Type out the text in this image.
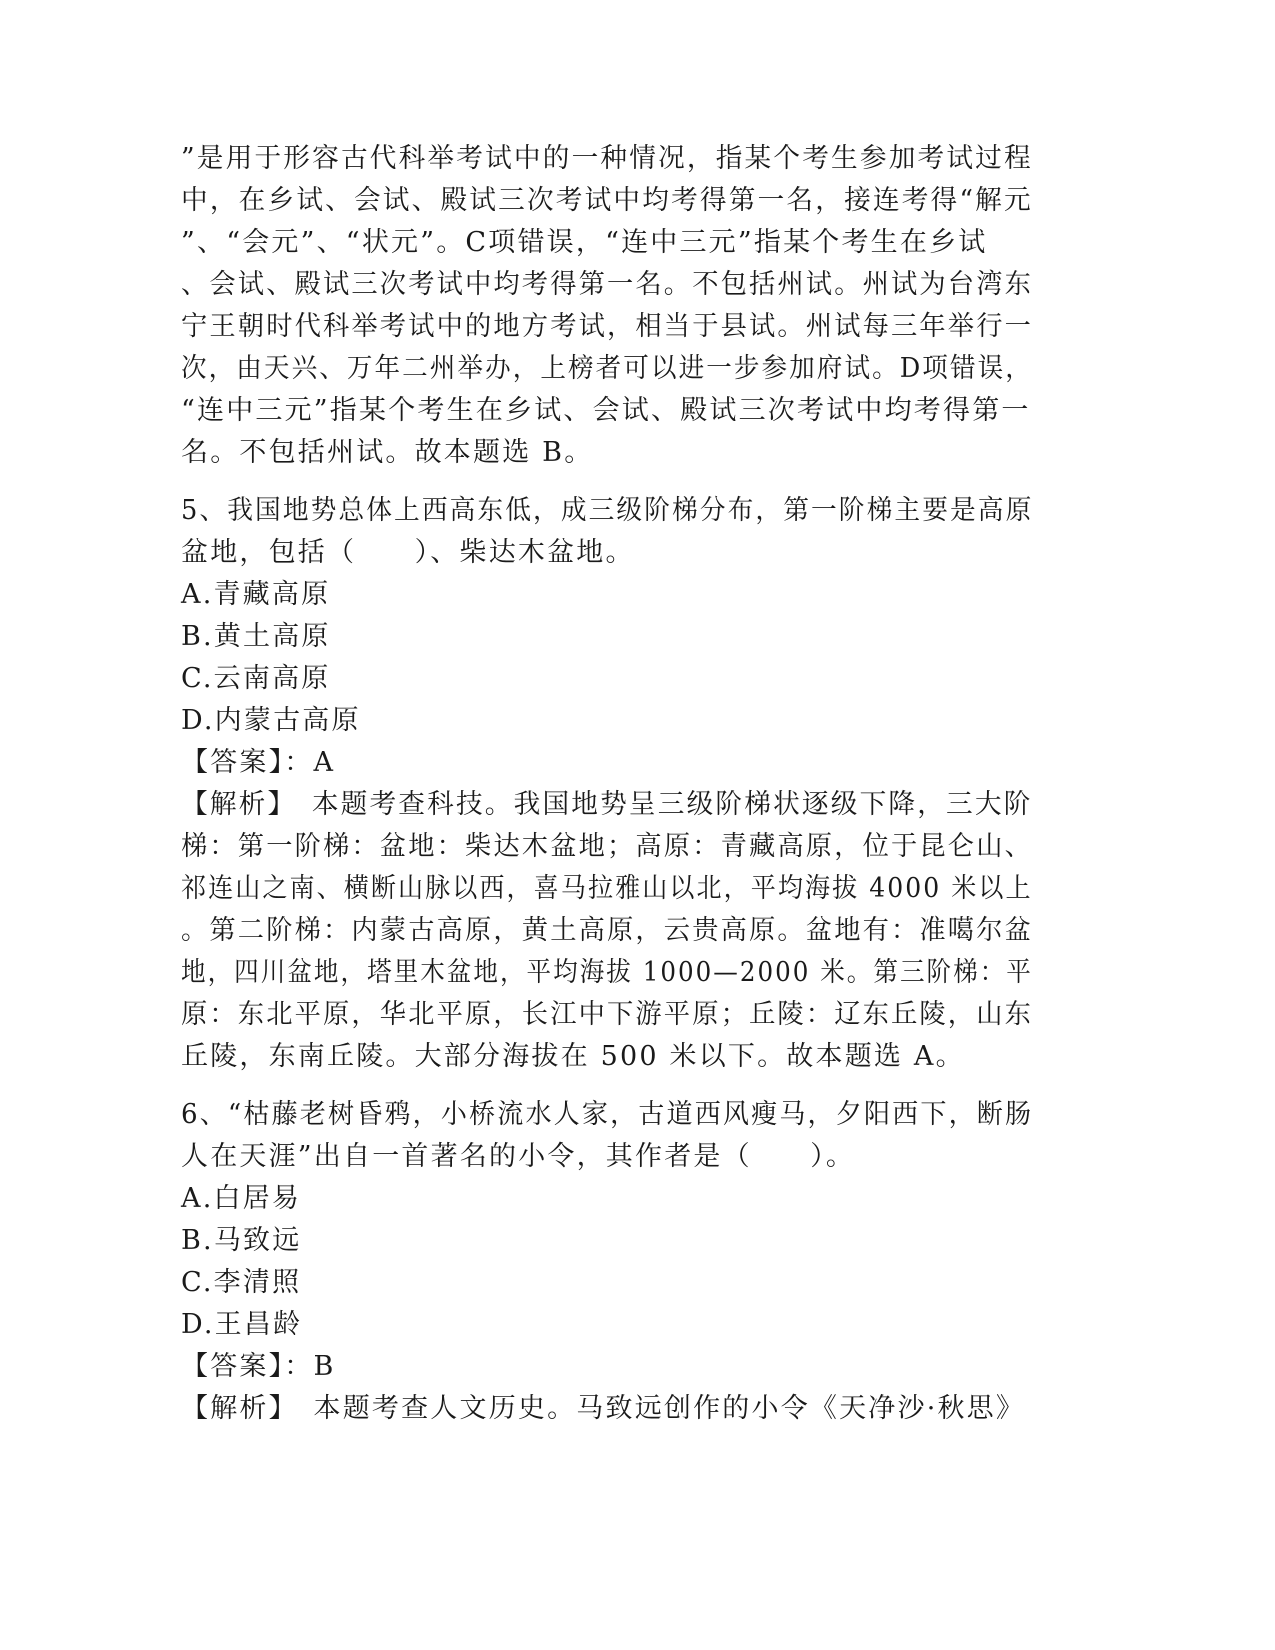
”是用于形容古代科举考试中的一种情况，指某个考生参加考试过程
中，在乡试、会试、殿试三次考试中均考得第一名，接连考得“解元
”、“会元”、“状元”。C项错误，“连中三元”指某个考生在乡试
、会试、殿试三次考试中均考得第一名。不包括州试。州试为台湾东
宁王朝时代科举考试中的地方考试，相当于县试。州试每三年举行一
次，由天兴、万年二州举办，上榜者可以进一步参加府试。D项错误，
“连中三元”指某个考生在乡试、会试、殿试三次考试中均考得第一
名。不包括州试。故本题选 B。
5、我国地势总体上西高东低，成三级阶梯分布，第一阶梯主要是高原
盆地，包括（　　）、柴达木盆地。
A.青藏高原
B.黄土高原
C.云南高原
D.内蒙古高原
【答案】：A
【解析】　本题考查科技。我国地势呈三级阶梯状逐级下降，三大阶
梯：第一阶梯：盆地：柴达木盆地；高原：青藏高原，位于昆仑山、
祁连山之南、横断山脉以西，喜马拉雅山以北，平均海拔 4000 米以上
。第二阶梯：内蒙古高原，黄土高原，云贵高原。盆地有：准噶尔盆
地，四川盆地，塔里木盆地，平均海拔 1000—2000 米。第三阶梯：平
原：东北平原，华北平原，长江中下游平原；丘陵：辽东丘陵，山东
丘陵，东南丘陵。大部分海拔在 500 米以下。故本题选 A。
6、“枯藤老树昏鸦，小桥流水人家，古道西风瘦马，夕阳西下，断肠
人在天涯”出自一首著名的小令，其作者是（　　）。
A.白居易
B.马致远
C.李清照
D.王昌龄
【答案】：B
【解析】　本题考查人文历史。马致远创作的小令《天净沙·秋思》
